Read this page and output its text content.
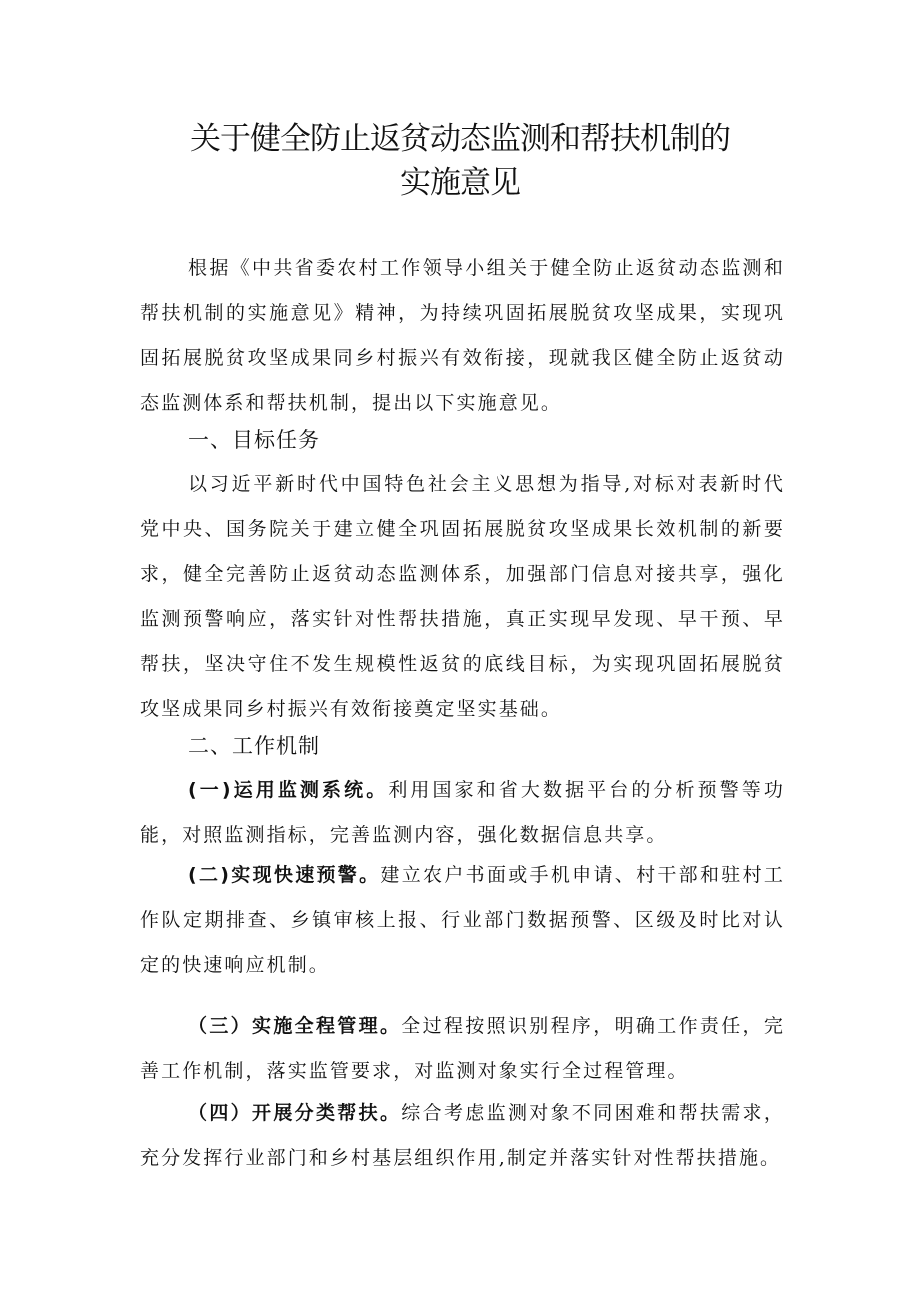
关于健全防止返贫动态监测和帮扶机制的
实施意见

根据《中共省委农村工作领导小组关于健全防止返贫动态监测和帮扶机制的实施意见》精神，为持续巩固拓展脱贫攻坚成果，实现巩固拓展脱贫攻坚成果同乡村振兴有效衔接，现就我区健全防止返贫动态监测体系和帮扶机制，提出以下实施意见。

一、目标任务

以习近平新时代中国特色社会主义思想为指导,对标对表新时代党中央、国务院关于建立健全巩固拓展脱贫攻坚成果长效机制的新要求，健全完善防止返贫动态监测体系，加强部门信息对接共享，强化监测预警响应，落实针对性帮扶措施，真正实现早发现、早干预、早帮扶，坚决守住不发生规模性返贫的底线目标，为实现巩固拓展脱贫攻坚成果同乡村振兴有效衔接奠定坚实基础。

二、工作机制

(一)运用监测系统。利用国家和省大数据平台的分析预警等功能，对照监测指标，完善监测内容，强化数据信息共享。

(二)实现快速预警。建立农户书面或手机申请、村干部和驻村工作队定期排查、乡镇审核上报、行业部门数据预警、区级及时比对认定的快速响应机制。

（三）实施全程管理。全过程按照识别程序，明确工作责任，完善工作机制，落实监管要求，对监测对象实行全过程管理。

（四）开展分类帮扶。综合考虑监测对象不同困难和帮扶需求，充分发挥行业部门和乡村基层组织作用,制定并落实针对性帮扶措施。
